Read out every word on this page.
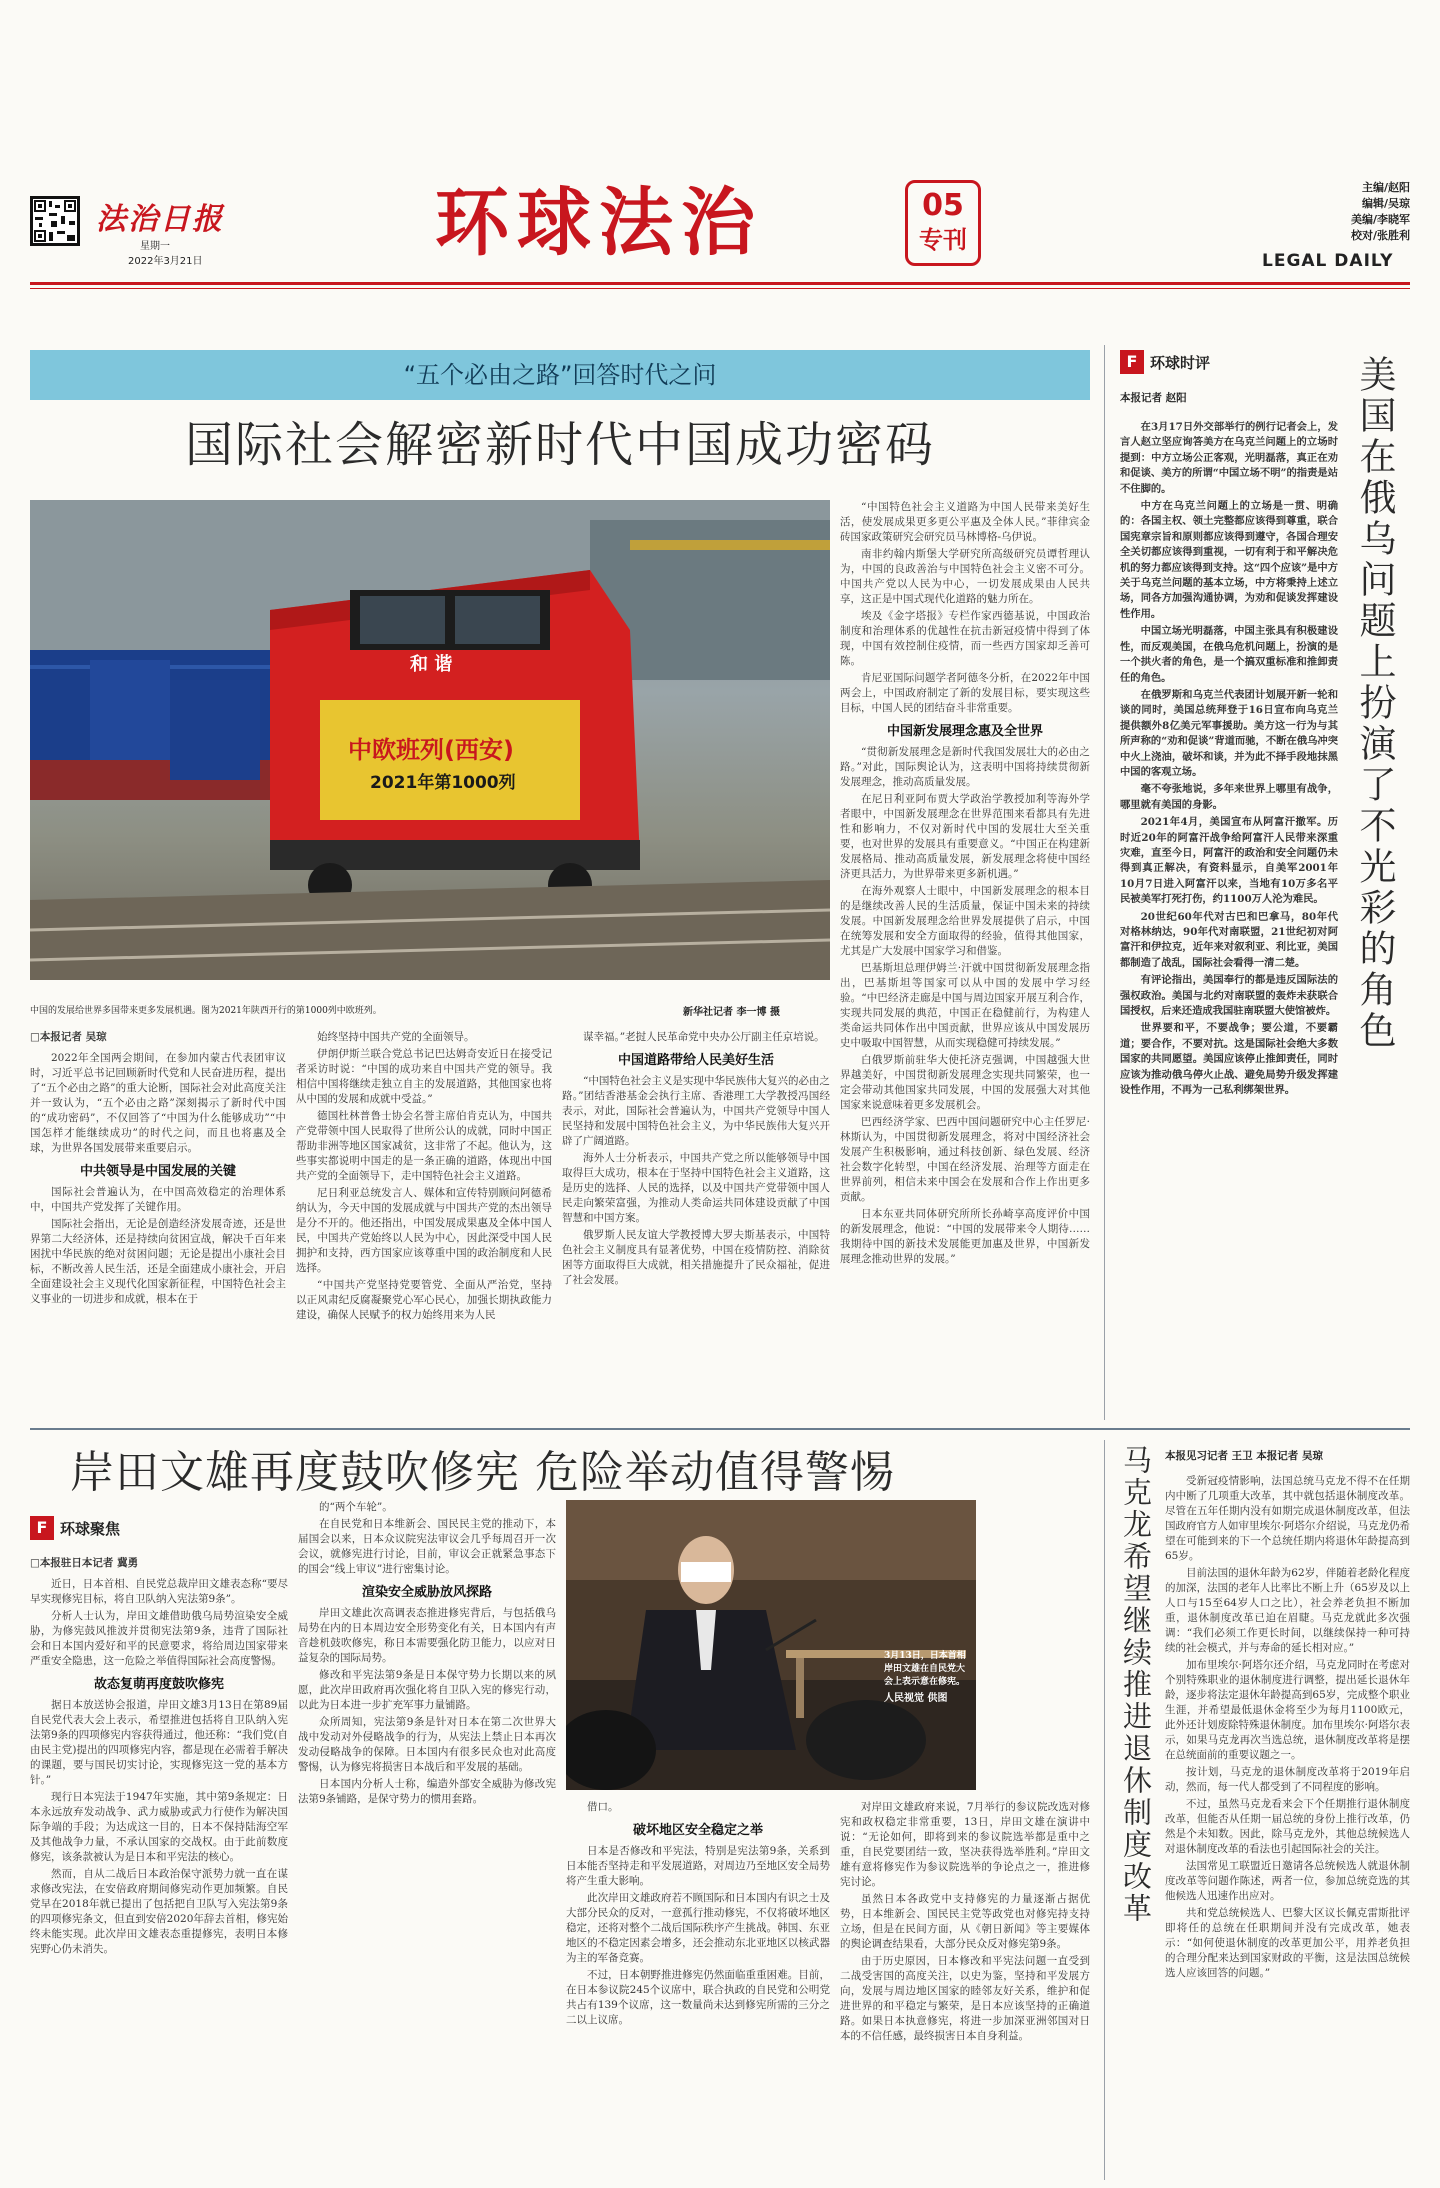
法治日报
星期一
2022年3月21日	环球法治	05
专刊
主编/赵阳
编辑/吴琼
美编/李晓军
校对/张胜利
LEGAL DAILY
“五个必由之路”回答时代之问
国际社会解密新时代中国成功密码
和 谐
中欧班列(西安)
2021年第1000列
中国的发展给世界多国带来更多发展机遇。图为2021年陕西开行的第1000列中欧班列。	新华社记者 李一博 摄
□ 本报记者 吴琼

2022年全国两会期间，在参加内蒙古代表团审议时，习近平总书记回顾新时代党和人民奋进历程，提出了“五个必由之路”的重大论断，国际社会对此高度关注并一致认为，“五个必由之路”深刻揭示了新时代中国的“成功密码”，不仅回答了“中国为什么能够成功”“中国怎样才能继续成功”的时代之问，而且也将惠及全球，为世界各国发展带来重要启示。

中共领导是中国发展的关键

国际社会普遍认为，在中国高效稳定的治理体系中，中国共产党发挥了关键作用。

国际社会指出，无论是创造经济发展奇迹，还是世界第二大经济体，还是持续向贫困宣战，解决千百年来困扰中华民族的绝对贫困问题；无论是提出小康社会目标，不断改善人民生活，还是全面建成小康社会，开启全面建设社会主义现代化国家新征程，中国特色社会主义事业的一切进步和成就，根本在于

始终坚持中国共产党的全面领导。

伊朗伊斯兰联合党总书记巴达姆奇安近日在接受记者采访时说：“中国的成功来自中国共产党的领导。我相信中国将继续走独立自主的发展道路，其他国家也将从中国的发展和成就中受益。”

德国杜林普鲁士协会名誉主席伯肯克认为，中国共产党带领中国人民取得了世所公认的成就，同时中国正帮助非洲等地区国家减贫，这非常了不起。他认为，这些事实都说明中国走的是一条正确的道路，体现出中国共产党的全面领导下，走中国特色社会主义道路。

尼日利亚总统发言人、媒体和宣传特别顾问阿德希纳认为，今天中国的发展成就与中国共产党的杰出领导是分不开的。他还指出，中国发展成果惠及全体中国人民，中国共产党始终以人民为中心，因此深受中国人民拥护和支持，西方国家应该尊重中国的政治制度和人民选择。

“中国共产党坚持党要管党、全面从严治党，坚持以正风肃纪反腐凝聚党心军心民心，加强长期执政能力建设，确保人民赋予的权力始终用来为人民

谋幸福。”老挝人民革命党中央办公厅副主任京培说。

中国道路带给人民美好生活

“中国特色社会主义是实现中华民族伟大复兴的必由之路。”团结香港基金会执行主席、香港理工大学教授冯国经表示，对此，国际社会普遍认为，中国共产党领导中国人民坚持和发展中国特色社会主义，为中华民族伟大复兴开辟了广阔道路。

海外人士分析表示，中国共产党之所以能够领导中国取得巨大成功，根本在于坚持中国特色社会主义道路，这是历史的选择、人民的选择，以及中国共产党带领中国人民走向繁荣富强，为推动人类命运共同体建设贡献了中国智慧和中国方案。

俄罗斯人民友谊大学教授博大罗夫斯基表示，中国特色社会主义制度具有显著优势，中国在疫情防控、消除贫困等方面取得巨大成就，相关措施提升了民众福祉，促进了社会发展。

“中国特色社会主义道路为中国人民带来美好生活，使发展成果更多更公平惠及全体人民。”菲律宾金砖国家政策研究会研究员马林博格-乌伊说。

南非约翰内斯堡大学研究所高级研究员谭哲理认为，中国的良政善治与中国特色社会主义密不可分。中国共产党以人民为中心，一切发展成果由人民共享，这正是中国式现代化道路的魅力所在。

埃及《金字塔报》专栏作家西德基说，中国政治制度和治理体系的优越性在抗击新冠疫情中得到了体现，中国有效控制住疫情，而一些西方国家却乏善可陈。

肯尼亚国际问题学者阿德冬分析，在2022年中国两会上，中国政府制定了新的发展目标，要实现这些目标，中国人民的团结奋斗非常重要。

中国新发展理念惠及全世界

“贯彻新发展理念是新时代我国发展壮大的必由之路。”对此，国际舆论认为，这表明中国将持续贯彻新发展理念，推动高质量发展。

在尼日利亚阿布贾大学政治学教授加利等海外学者眼中，中国新发展理念在世界范围来看都具有先进性和影响力，不仅对新时代中国的发展壮大至关重要，也对世界的发展具有重要意义。“中国正在构建新发展格局、推动高质量发展，新发展理念将使中国经济更具活力，为世界带来更多新机遇。”

在海外观察人士眼中，中国新发展理念的根本目的是继续改善人民的生活质量，保证中国未来的持续发展。中国新发展理念给世界发展提供了启示，中国在统筹发展和安全方面取得的经验，值得其他国家，尤其是广大发展中国家学习和借鉴。

巴基斯坦总理伊姆兰·汗就中国贯彻新发展理念指出，巴基斯坦等国家可以从中国的发展中学习经验。“中巴经济走廊是中国与周边国家开展互利合作，实现共同发展的典范，中国正在稳健前行，为构建人类命运共同体作出中国贡献，世界应该从中国发展历史中吸取中国智慧，从而实现稳健可持续发展。”

白俄罗斯前驻华大使托济克强调，中国越强大世界越美好，中国贯彻新发展理念实现共同繁荣，也一定会带动其他国家共同发展，中国的发展强大对其他国家来说意味着更多发展机会。

巴西经济学家、巴西中国问题研究中心主任罗尼·林斯认为，中国贯彻新发展理念，将对中国经济社会发展产生积极影响，通过科技创新、绿色发展、经济社会数字化转型，中国在经济发展、治理等方面走在世界前列，相信未来中国会在发展和合作上作出更多贡献。

日本东亚共同体研究所所长孙崎享高度评价中国的新发展理念，他说：“中国的发展带来令人期待……我期待中国的新技术发展能更加惠及世界，中国新发展理念推动世界的发展。”

F 环球时评
本报记者 赵阳

在3月17日外交部举行的例行记者会上，发言人赵立坚应询答美方在乌克兰问题上的立场时提到：中方立场公正客观，光明磊落，真正在劝和促谈、美方的所谓“中国立场不明”的指责是站不住脚的。

中方在乌克兰问题上的立场是一贯、明确的：各国主权、领土完整都应该得到尊重，联合国宪章宗旨和原则都应该得到遵守，各国合理安全关切都应该得到重视，一切有利于和平解决危机的努力都应该得到支持。这“四个应该”是中方关于乌克兰问题的基本立场，中方将秉持上述立场，同各方加强沟通协调，为劝和促谈发挥建设性作用。

中国立场光明磊落，中国主张具有积极建设性，而反观美国，在俄乌危机问题上，扮演的是一个拱火者的角色，是一个搞双重标准和推卸责任的角色。

在俄罗斯和乌克兰代表团计划展开新一轮和谈的同时，美国总统拜登于16日宣布向乌克兰提供额外8亿美元军事援助。美方这一行为与其所声称的“劝和促谈”背道而驰，不断在俄乌冲突中火上浇油，破坏和谈，并为此不择手段地抹黑中国的客观立场。

毫不夸张地说，多年来世界上哪里有战争，哪里就有美国的身影。

2021年4月，美国宣布从阿富汗撤军。历时近20年的阿富汗战争给阿富汗人民带来深重灾难，直至今日，阿富汗的政治和安全问题仍未得到真正解决，有资料显示，自美军2001年10月7日进入阿富汗以来，当地有10万多名平民被美军打死打伤，约1100万人沦为难民。

20世纪60年代对古巴和巴拿马，80年代对格林纳达，90年代对南联盟，21世纪初对阿富汗和伊拉克，近年来对叙利亚、利比亚，美国都制造了战乱，国际社会看得一清二楚。

有评论指出，美国奉行的都是违反国际法的强权政治。美国与北约对南联盟的轰炸未获联合国授权，后来还造成我国驻南联盟大使馆被炸。

世界要和平，不要战争；要公道，不要霸道；要合作，不要对抗。这是国际社会绝大多数国家的共同愿望。美国应该停止推卸责任，同时应该为推动俄乌停火止战、避免局势升级发挥建设性作用，不再为一己私利绑架世界。

美国在俄乌问题上扮演了不光彩的角色
岸田文雄再度鼓吹修宪 危险举动值得警惕
F 环球聚焦
□ 本报驻日本记者 冀勇

近日，日本首相、自民党总裁岸田文雄表态称“要尽早实现修宪目标，将自卫队纳入宪法第9条”。

分析人士认为，岸田文雄借助俄乌局势渲染安全威胁，为修宪鼓风推波并贯彻宪法第9条，违背了国际社会和日本国内爱好和平的民意要求，将给周边国家带来严重安全隐患，这一危险之举值得国际社会高度警惕。

故态复萌再度鼓吹修宪

据日本放送协会报道，岸田文雄3月13日在第89届自民党代表大会上表示，希望推进包括将自卫队纳入宪法第9条的四项修宪内容获得通过，他还称：“我们党(自由民主党)提出的四项修宪内容，都是现在必需着手解决的课题，要与国民切实讨论，实现修宪这一党的基本方针。”

现行日本宪法于1947年实施，其中第9条规定：日本永远放弃发动战争、武力威胁或武力行使作为解决国际争端的手段；为达成这一目的，日本不保持陆海空军及其他战争力量，不承认国家的交战权。由于此前数度修宪，该条款被认为是日本和平宪法的核心。

然而，自从二战后日本政治保守派势力就一直在谋求修改宪法，在安倍政府期间修宪动作更加频繁。自民党早在2018年就已提出了包括把自卫队写入宪法第9条的四项修宪条文，但直到安倍2020年辞去首相，修宪始终未能实现。此次岸田文雄表态重提修宪，表明日本修宪野心仍未消失。

的“两个车轮”。

在自民党和日本维新会、国民民主党的推动下，本届国会以来，日本众议院宪法审议会几乎每周召开一次会议，就修宪进行讨论，目前，审议会正就紧急事态下的国会“线上审议”进行密集讨论。

渲染安全威胁放风探路

岸田文雄此次高调表态推进修宪背后，与包括俄乌局势在内的日本周边安全形势变化有关，日本国内有声音趁机鼓吹修宪，称日本需要强化防卫能力，以应对日益复杂的国际局势。

修改和平宪法第9条是日本保守势力长期以来的夙愿，此次岸田政府再次强化将自卫队入宪的修宪行动，以此为日本进一步扩充军事力量铺路。

众所周知，宪法第9条是针对日本在第二次世界大战中发动对外侵略战争的行为，从宪法上禁止日本再次发动侵略战争的保障。日本国内有很多民众也对此高度警惕，认为修宪将损害日本战后和平发展的基础。

日本国内分析人士称，编造外部安全威胁为修改宪法第9条铺路，是保守势力的惯用套路。

3月13日，日本首相岸田文雄在自民党大会上表示意在修宪。
人民视觉 供图

借口。

破坏地区安全稳定之举

日本是否修改和平宪法，特别是宪法第9条，关系到日本能否坚持走和平发展道路，对周边乃至地区安全局势将产生重大影响。

此次岸田文雄政府若不顾国际和日本国内有识之士及大部分民众的反对，一意孤行推动修宪，不仅将破坏地区稳定，还将对整个二战后国际秩序产生挑战。韩国、东亚地区的不稳定因素会增多，还会推动东北亚地区以核武器为主的军备竞赛。

不过，日本朝野推进修宪仍然面临重重困难。目前，在日本参议院245个议席中，联合执政的自民党和公明党共占有139个议席，这一数量尚未达到修宪所需的三分之二以上议席。

对岸田文雄政府来说，7月举行的参议院改选对修宪和政权稳定非常重要，13日，岸田文雄在演讲中说：“无论如何，即将到来的参议院选举都是重中之重，自民党要团结一致，坚决获得选举胜利。”岸田文雄有意将修宪作为参议院选举的争论点之一，推进修宪讨论。

虽然日本各政党中支持修宪的力量逐渐占据优势，日本维新会、国民民主党等政党也对修宪持支持立场，但是在民间方面，从《朝日新闻》等主要媒体的舆论调查结果看，大部分民众反对修宪第9条。

由于历史原因，日本修改和平宪法问题一直受到二战受害国的高度关注，以史为鉴，坚持和平发展方向，发展与周边地区国家的睦邻友好关系，维护和促进世界的和平稳定与繁荣，是日本应该坚持的正确道路。如果日本执意修宪，将进一步加深亚洲邻国对日本的不信任感，最终损害日本自身利益。

马克龙希望继续推进退休制度改革 本报见习记者 王卫 本报记者 吴琼

受新冠疫情影响，法国总统马克龙不得不在任期内中断了几项重大改革，其中就包括退休制度改革。尽管在五年任期内没有如期完成退休制度改革，但法国政府官方人如审里埃尔·阿塔尔介绍说，马克龙仍希望在可能到来的下一个总统任期内将退休年龄提高到65岁。

目前法国的退休年龄为62岁，伴随着老龄化程度的加深，法国的老年人比率比不断上升（65岁及以上人口与15至64岁人口之比），社会养老负担不断加重，退休制度改革已迫在眉睫。马克龙就此多次强调：“我们必须工作更长时间，以继续保持一种可持续的社会模式，并与寿命的延长相对应。”

加布里埃尔·阿塔尔还介绍，马克龙同时在考虑对个别特殊职业的退休制度进行调整，提出延长退休年龄，逐步将法定退休年龄提高到65岁，完成整个职业生涯，并希望最低退休金将至少为每月1100欧元，此外还计划废除特殊退休制度。加布里埃尔·阿塔尔表示，如果马克龙再次当选总统，退休制度改革将是摆在总统面前的重要议题之一。

按计划，马克龙的退休制度改革将于2019年启动，然而，每一代人都受到了不同程度的影响。

不过，虽然马克龙看来会下个任期推行退休制度改革，但能否从任期一届总统的身份上推行改革，仍然是个未知数。因此，除马克龙外，其他总统候选人对退休制度改革的看法也引起国际社会的关注。

法国常见工联盟近日邀请各总统候选人就退休制度改革等问题作陈述，两者一位，参加总统竞选的其他候选人迅速作出应对。

共和党总统候选人、巴黎大区议长佩克雷斯批评即将任的总统在任职期间并没有完成改革，她表示：“如何使退休制度的改革更加公平，用养老负担的合理分配来达到国家财政的平衡，这是法国总统候选人应该回答的问题。”
